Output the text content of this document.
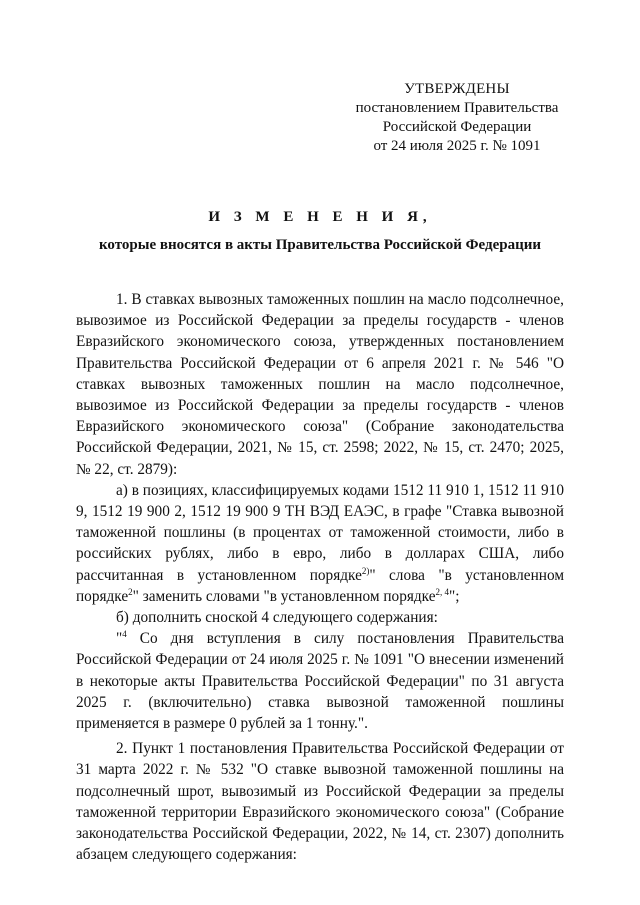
УТВЕРЖДЕНЫ
постановлением Правительства
Российской Федерации
от 24 июля 2025 г. № 1091
И З М Е Н Е Н И Я,
которые вносятся в акты Правительства Российской Федерации

1. В ставках вывозных таможенных пошлин на масло подсолнечное, вывозимое из Российской Федерации за пределы государств - членов Евразийского экономического союза, утвержденных постановлением Правительства Российской Федерации от 6 апреля 2021 г. № 546 "О ставках вывозных таможенных пошлин на масло подсолнечное, вывозимое из Российской Федерации за пределы государств - членов Евразийского экономического союза" (Собрание законодательства Российской Федерации, 2021, № 15, ст. 2598; 2022, № 15, ст. 2470; 2025, № 22, ст. 2879):

а) в позициях, классифицируемых кодами 1512 11 910 1, 1512 11 910 9, 1512 19 900 2, 1512 19 900 9 ТН ВЭД ЕАЭС, в графе "Ставка вывозной таможенной пошлины (в процентах от таможенной стоимости, либо в российских рублях, либо в евро, либо в долларах США, либо рассчитанная в установленном порядке$^{2)}$" слова "в установленном порядке$^2$" заменить словами "в установленном порядке$^{2, 4}$";

б) дополнить сноской 4 следующего содержания:

"$^4$ Со дня вступления в силу постановления Правительства Российской Федерации от 24 июля 2025 г. № 1091 "О внесении изменений в некоторые акты Правительства Российской Федерации" по 31 августа 2025 г. (включительно) ставка вывозной таможенной пошлины применяется в размере 0 рублей за 1 тонну.".

2. Пункт 1 постановления Правительства Российской Федерации от 31 марта 2022 г. № 532 "О ставке вывозной таможенной пошлины на подсолнечный шрот, вывозимый из Российской Федерации за пределы таможенной территории Евразийского экономического союза" (Собрание законодательства Российской Федерации, 2022, № 14, ст. 2307) дополнить абзацем следующего содержания:
